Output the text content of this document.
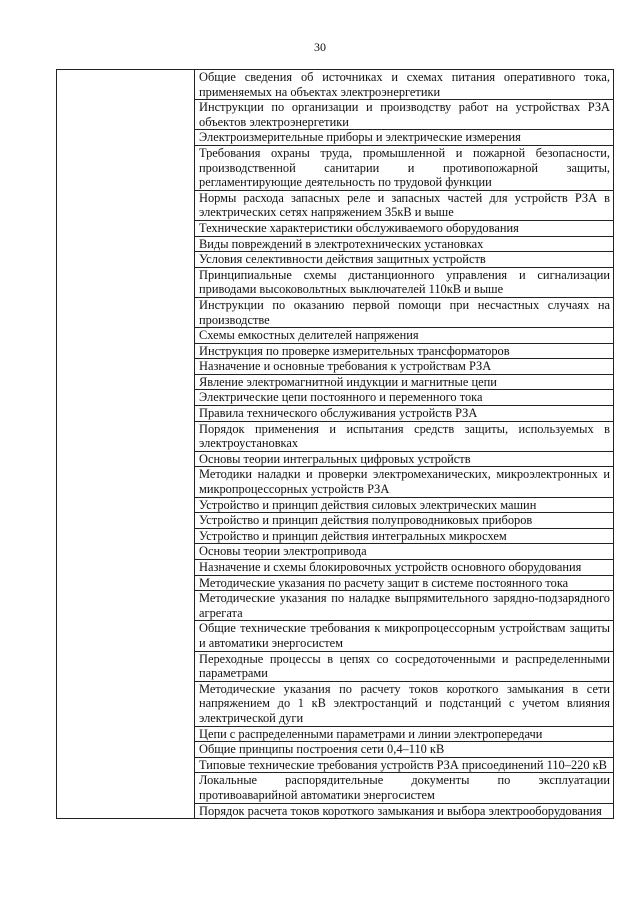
30
	Общие сведения об источниках и схемах питания оперативного тока, применяемых на объектах электроэнергетики
Инструкции по организации и производству работ на устройствах РЗА объектов электроэнергетики
Электроизмерительные приборы и электрические измерения
Требования охраны труда, промышленной и пожарной безопасности, производственной санитарии и противопожарной защиты, регламентирующие деятельность по трудовой функции
Нормы расхода запасных реле и запасных частей для устройств РЗА в электрических сетях напряжением 35кВ и выше
Технические характеристики обслуживаемого оборудования
Виды повреждений в электротехнических установках
Условия селективности действия защитных устройств
Принципиальные схемы дистанционного управления и сигнализации приводами высоковольтных выключателей 110кВ и выше
Инструкции по оказанию первой помощи при несчастных случаях на производстве
Схемы емкостных делителей напряжения
Инструкция по проверке измерительных трансформаторов
Назначение и основные требования к устройствам РЗА
Явление электромагнитной индукции и магнитные цепи
Электрические цепи постоянного и переменного тока
Правила технического обслуживания устройств РЗА
Порядок применения и испытания средств защиты, используемых в электроустановках
Основы теории интегральных цифровых устройств
Методики наладки и проверки электромеханических, микроэлектронных и микропроцессорных устройств РЗА
Устройство и принцип действия силовых электрических машин
Устройство и принцип действия полупроводниковых приборов
Устройство и принцип действия интегральных микросхем
Основы теории электропривода
Назначение и схемы блокировочных устройств основного оборудования
Методические указания по расчету защит в системе постоянного тока
Методические указания по наладке выпрямительного зарядно-подзарядного агрегата
Общие технические требования к микропроцессорным устройствам защиты и автоматики энергосистем
Переходные процессы в цепях со сосредоточенными и распределенными параметрами
Методические указания по расчету токов короткого замыкания в сети напряжением до 1 кВ электростанций и подстанций с учетом влияния электрической дуги
Цепи с распределенными параметрами и линии электропередачи
Общие принципы построения сети 0,4–110 кВ
Типовые технические требования устройств РЗА присоединений 110–220 кВ
Локальные распорядительные документы по эксплуатации противоаварийной автоматики энергосистем
Порядок расчета токов короткого замыкания и выбора электрооборудования
